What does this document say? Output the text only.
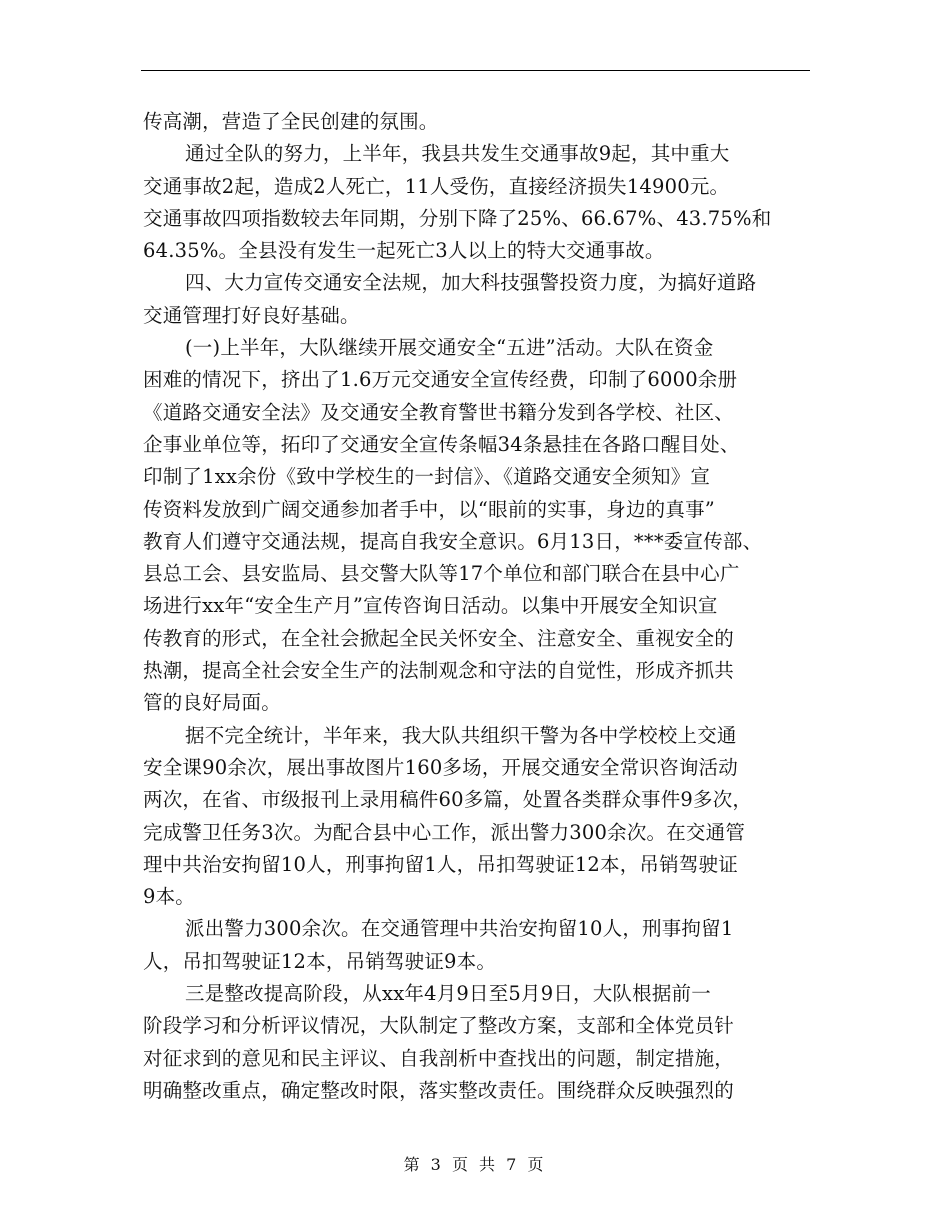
传高潮，营造了全民创建的氛围。
通过全队的努力，上半年，我县共发生交通事故9起，其中重大
交通事故2起，造成2人死亡，11人受伤，直接经济损失14900元。
交通事故四项指数较去年同期，分别下降了25%、66.67%、43.75%和
64.35%。全县没有发生一起死亡3人以上的特大交通事故。
四、大力宣传交通安全法规，加大科技强警投资力度，为搞好道路
交通管理打好良好基础。
(一)上半年，大队继续开展交通安全“五进”活动。大队在资金
困难的情况下，挤出了1.6万元交通安全宣传经费，印制了6000余册
《道路交通安全法》及交通安全教育警世书籍分发到各学校、社区、
企事业单位等，拓印了交通安全宣传条幅34条悬挂在各路口醒目处、
印制了1xx余份《致中学校生的一封信》、《道路交通安全须知》宣
传资料发放到广阔交通参加者手中，以“眼前的实事，身边的真事”
教育人们遵守交通法规，提高自我安全意识。6月13日，***委宣传部、
县总工会、县安监局、县交警大队等17个单位和部门联合在县中心广
场进行xx年“安全生产月”宣传咨询日活动。以集中开展安全知识宣
传教育的形式，在全社会掀起全民关怀安全、注意安全、重视安全的
热潮，提高全社会安全生产的法制观念和守法的自觉性，形成齐抓共
管的良好局面。
据不完全统计，半年来，我大队共组织干警为各中学校校上交通
安全课90余次，展出事故图片160多场，开展交通安全常识咨询活动
两次，在省、市级报刊上录用稿件60多篇，处置各类群众事件9多次，
完成警卫任务3次。为配合县中心工作，派出警力300余次。在交通管
理中共治安拘留10人，刑事拘留1人，吊扣驾驶证12本，吊销驾驶证
9本。
派出警力300余次。在交通管理中共治安拘留10人，刑事拘留1
人，吊扣驾驶证12本，吊销驾驶证9本。
三是整改提高阶段，从xx年4月9日至5月9日，大队根据前一
阶段学习和分析评议情况，大队制定了整改方案，支部和全体党员针
对征求到的意见和民主评议、自我剖析中查找出的问题，制定措施，
明确整改重点，确定整改时限，落实整改责任。围绕群众反映强烈的
第 3 页 共 7 页
